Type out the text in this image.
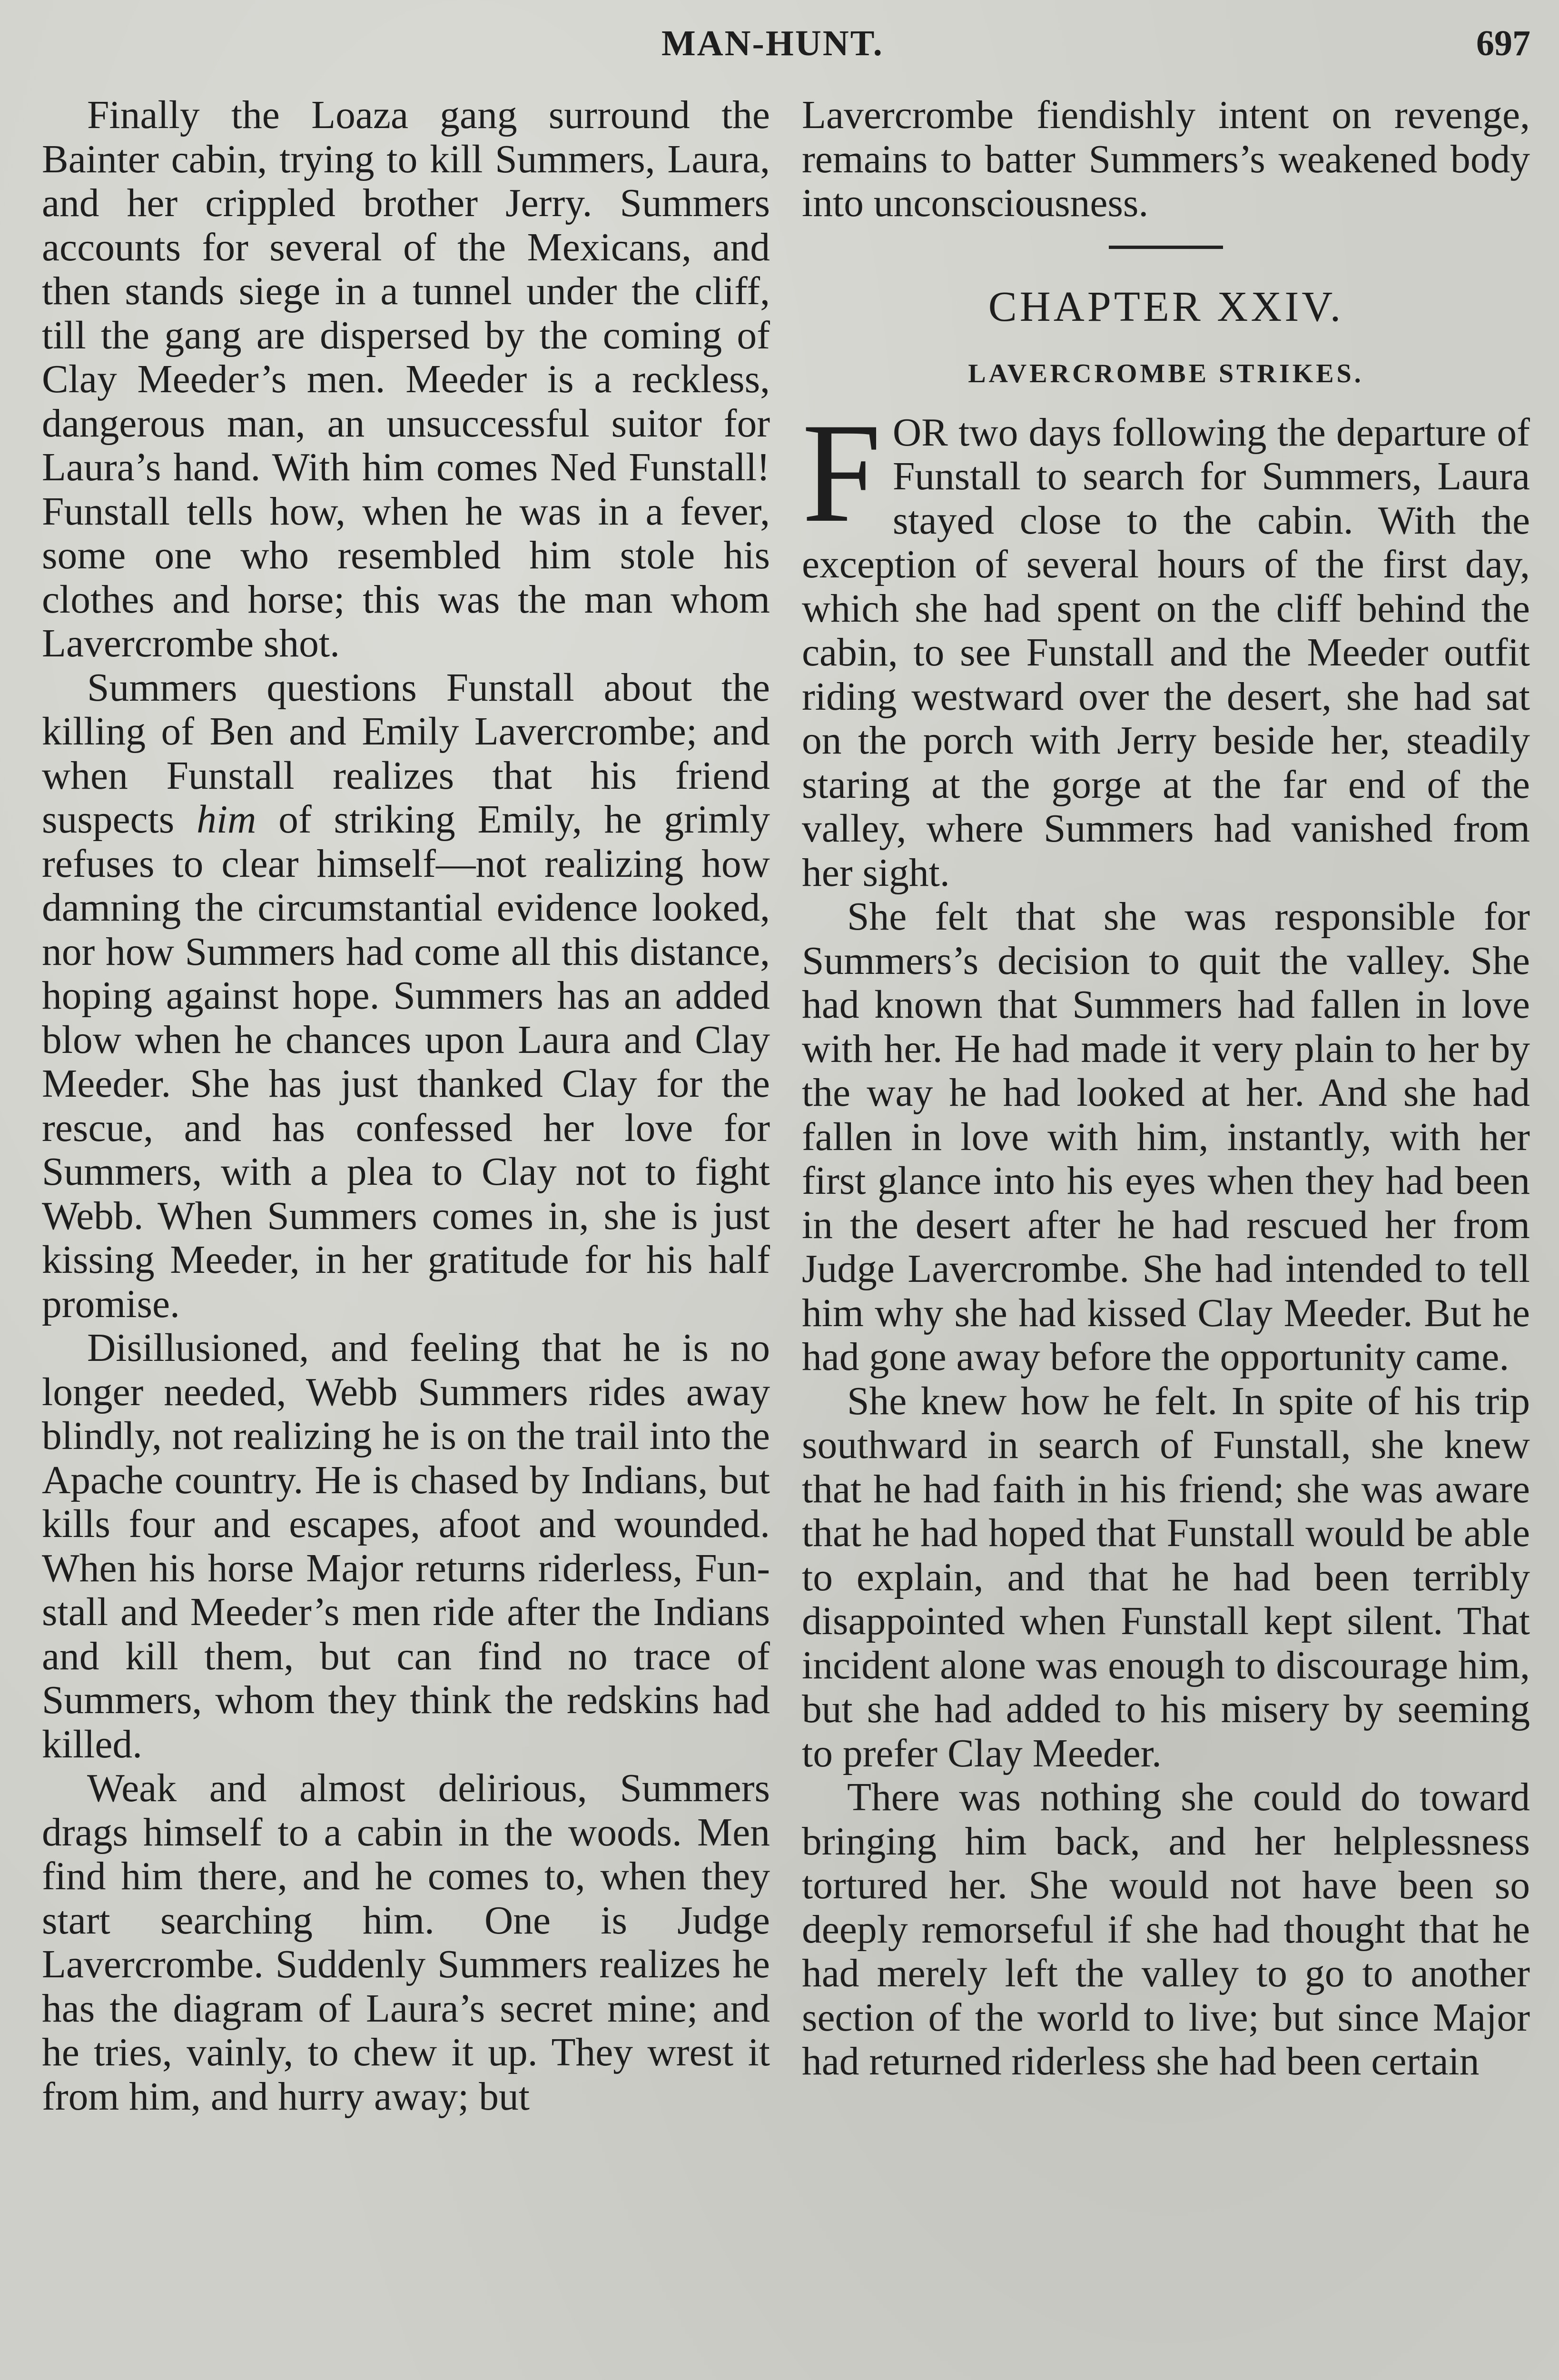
MAN-HUNT.	697

Finally the Loaza gang surround the Bainter cabin, trying to kill Summers, Laura, and her crippled brother Jerry. Summers accounts for several of the Mexicans, and then stands siege in a tunnel under the cliff, till the gang are dispersed by the coming of Clay Meeder’s men. Meeder is a reckless, dangerous man, an unsuccessful suitor for Laura’s hand. With him comes Ned Funstall! Funstall tells how, when he was in a fever, some one who resembled him stole his clothes and horse; this was the man whom Lavercrombe shot.

Summers questions Funstall about the killing of Ben and Emily Lavercrombe; and when Funstall realizes that his friend suspects him of striking Emily, he grimly refuses to clear himself—not realizing how damning the circumstantial evidence looked, nor how Summers had come all this distance, hoping against hope. Summers has an added blow when he chances upon Laura and Clay Meeder. She has just thanked Clay for the rescue, and has confessed her love for Summers, with a plea to Clay not to fight Webb. When Summers comes in, she is just kissing Meeder, in her gratitude for his half promise.

Disillusioned, and feeling that he is no longer needed, Webb Summers rides away blindly, not realizing he is on the trail into the Apache country. He is chased by Indians, but kills four and escapes, afoot and wounded. When his horse Major returns riderless, Funstall and Meeder’s men ride after the Indians and kill them, but can find no trace of Summers, whom they think the redskins had killed.

Weak and almost delirious, Summers drags himself to a cabin in the woods. Men find him there, and he comes to, when they start searching him. One is Judge Lavercrombe. Suddenly Summers realizes he has the diagram of Laura’s secret mine; and he tries, vainly, to chew it up. They wrest it from him, and hurry away; but

Lavercrombe fiendishly intent on revenge, remains to batter Summers’s weakened body into unconsciousness.

CHAPTER XXIV.
LAVERCROMBE STRIKES.

FOR two days following the departure of Funstall to search for Summers, Laura stayed close to the cabin. With the exception of several hours of the first day, which she had spent on the cliff behind the cabin, to see Funstall and the Meeder outfit riding westward over the desert, she had sat on the porch with Jerry beside her, steadily staring at the gorge at the far end of the valley, where Summers had vanished from her sight.

She felt that she was responsible for Summers’s decision to quit the valley. She had known that Summers had fallen in love with her. He had made it very plain to her by the way he had looked at her. And she had fallen in love with him, instantly, with her first glance into his eyes when they had been in the desert after he had rescued her from Judge Lavercrombe. She had intended to tell him why she had kissed Clay Meeder. But he had gone away before the opportunity came.

She knew how he felt. In spite of his trip southward in search of Funstall, she knew that he had faith in his friend; she was aware that he had hoped that Funstall would be able to explain, and that he had been terribly disappointed when Funstall kept silent. That incident alone was enough to discourage him, but she had added to his misery by seeming to prefer Clay Meeder.

There was nothing she could do toward bringing him back, and her helplessness tortured her. She would not have been so deeply remorseful if she had thought that he had merely left the valley to go to another section of the world to live; but since Major had returned riderless she had been certain
